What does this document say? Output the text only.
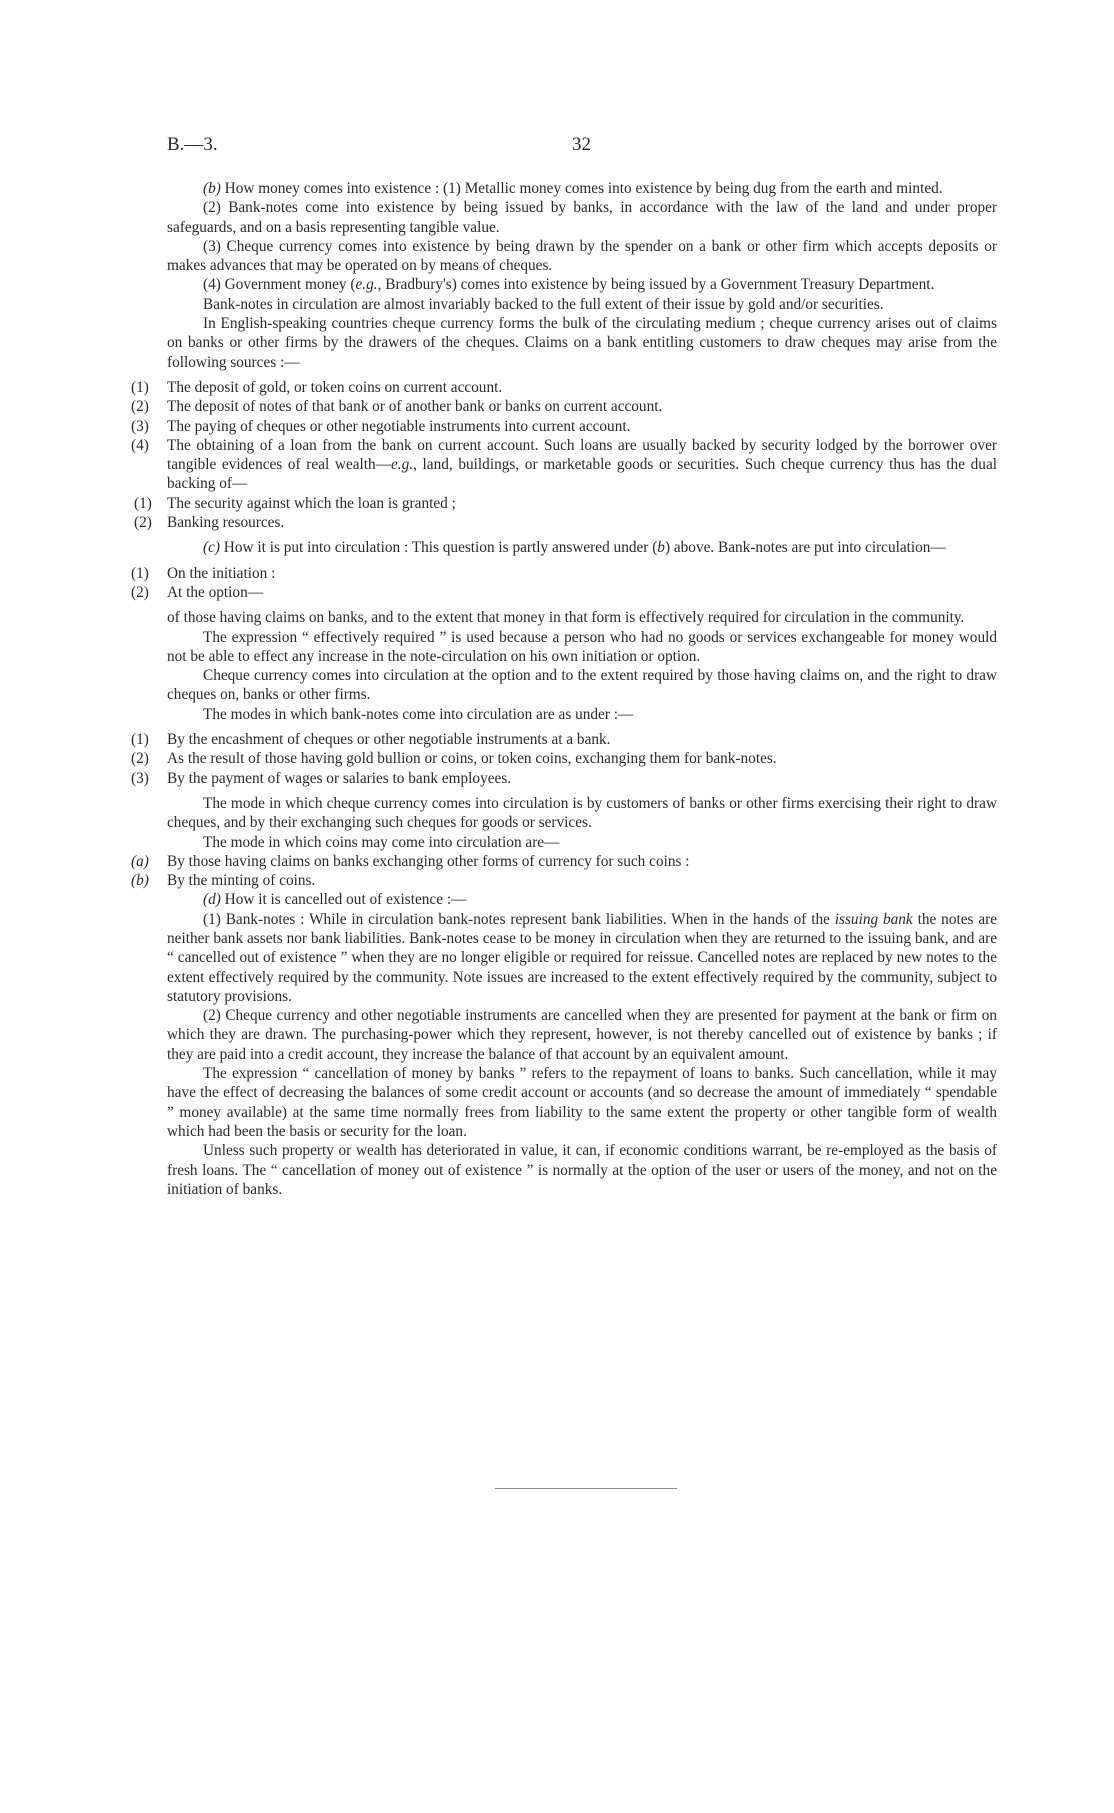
B.—3.	32

(b) How money comes into existence : (1) Metallic money comes into existence by being dug from the earth and minted.

(2) Bank-notes come into existence by being issued by banks, in accordance with the law of the land and under proper safeguards, and on a basis representing tangible value.

(3) Cheque currency comes into existence by being drawn by the spender on a bank or other firm which accepts deposits or makes advances that may be operated on by means of cheques.

(4) Government money (e.g., Bradbury's) comes into existence by being issued by a Government Treasury Department.

Bank-notes in circulation are almost invariably backed to the full extent of their issue by gold and/or securities.

In English-speaking countries cheque currency forms the bulk of the circulating medium ; cheque currency arises out of claims on banks or other firms by the drawers of the cheques. Claims on a bank entitling customers to draw cheques may arise from the following sources :—

(1) The deposit of gold, or token coins on current account.

(2) The deposit of notes of that bank or of another bank or banks on current account.

(3) The paying of cheques or other negotiable instruments into current account.

(4) The obtaining of a loan from the bank on current account. Such loans are usually backed by security lodged by the borrower over tangible evidences of real wealth—e.g., land, buildings, or marketable goods or securities. Such cheque currency thus has the dual backing of—

(1) The security against which the loan is granted ;

(2) Banking resources.

(c) How it is put into circulation : This question is partly answered under (b) above. Bank-notes are put into circulation—

(1) On the initiation :

(2) At the option—

of those having claims on banks, and to the extent that money in that form is effectively required for circulation in the community.

The expression “ effectively required ” is used because a person who had no goods or services exchangeable for money would not be able to effect any increase in the note-circulation on his own initiation or option.

Cheque currency comes into circulation at the option and to the extent required by those having claims on, and the right to draw cheques on, banks or other firms.

The modes in which bank-notes come into circulation are as under :—

(1) By the encashment of cheques or other negotiable instruments at a bank.

(2) As the result of those having gold bullion or coins, or token coins, exchanging them for bank-notes.

(3) By the payment of wages or salaries to bank employees.

The mode in which cheque currency comes into circulation is by customers of banks or other firms exercising their right to draw cheques, and by their exchanging such cheques for goods or services.

The mode in which coins may come into circulation are—

(a) By those having claims on banks exchanging other forms of currency for such coins :

(b) By the minting of coins.

(d) How it is cancelled out of existence :—

(1) Bank-notes : While in circulation bank-notes represent bank liabilities. When in the hands of the issuing bank the notes are neither bank assets nor bank liabilities. Bank-notes cease to be money in circulation when they are returned to the issuing bank, and are “ cancelled out of existence ” when they are no longer eligible or required for reissue. Cancelled notes are replaced by new notes to the extent effectively required by the community. Note issues are increased to the extent effectively required by the community, subject to statutory provisions.

(2) Cheque currency and other negotiable instruments are cancelled when they are presented for payment at the bank or firm on which they are drawn. The purchasing-power which they represent, however, is not thereby cancelled out of existence by banks ; if they are paid into a credit account, they increase the balance of that account by an equivalent amount.

The expression “ cancellation of money by banks ” refers to the repayment of loans to banks. Such cancellation, while it may have the effect of decreasing the balances of some credit account or accounts (and so decrease the amount of immediately “ spendable ” money available) at the same time normally frees from liability to the same extent the property or other tangible form of wealth which had been the basis or security for the loan.

Unless such property or wealth has deteriorated in value, it can, if economic conditions warrant, be re-employed as the basis of fresh loans. The “ cancellation of money out of existence ” is normally at the option of the user or users of the money, and not on the initiation of banks.
